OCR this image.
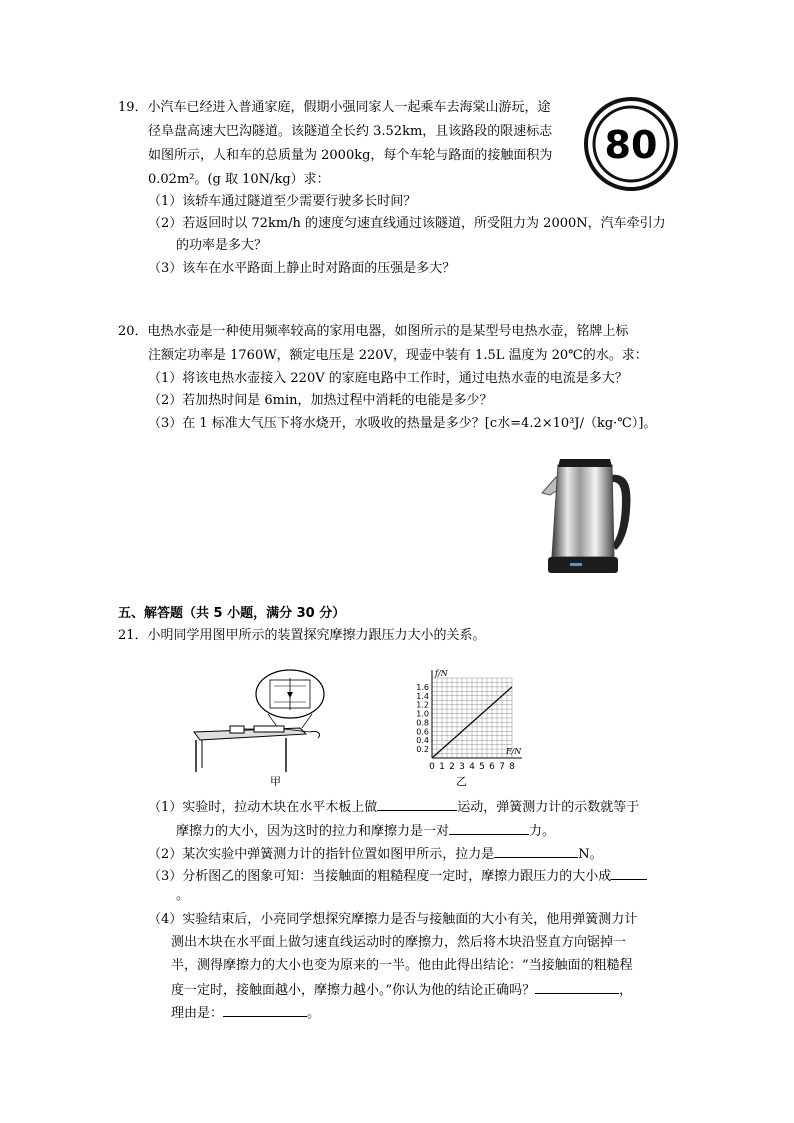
19．小汽车已经进入普通家庭，假期小强同家人一起乘车去海棠山游玩，途
径阜盘高速大巴沟隧道。该隧道全长约 3.52km，且该路段的限速标志
如图所示，人和车的总质量为 2000kg，每个车轮与路面的接触面积为
0.02m²。(g 取 10N/kg）求：
（1）该轿车通过隧道至少需要行驶多长时间？
（2）若返回时以 72km/h 的速度匀速直线通过该隧道，所受阻力为 2000N，汽车牵引力
的功率是多大？
（3）该车在水平路面上静止时对路面的压强是多大？
80
20．电热水壶是一种使用频率较高的家用电器，如图所示的是某型号电热水壶，铭牌上标
注额定功率是 1760W，额定电压是 220V，现壶中装有 1.5L 温度为 20℃的水。求：
（1）将该电热水壶接入 220V 的家庭电路中工作时，通过电热水壶的电流是多大？
（2）若加热时间是 6min，加热过程中消耗的电能是多少？
（3）在 1 标准大气压下将水烧开，水吸收的热量是多少？[c水=4.2×10³J/（kg·℃）]。
五、解答题（共 5 小题，满分 30 分）
21．小明同学用图甲所示的装置探究摩擦力跟压力大小的关系。
甲
0 1 2 3 4 5 6 7 8
0.2
0.4
0.6
0.8
1.0
1.2
1.4
1.6
f/N
F/N
乙
（1）实验时，拉动木块在水平木板上做	运动，弹簧测力计的示数就等于
摩擦力的大小，因为这时的拉力和摩擦力是一对	力。
（2）某次实验中弹簧测力计的指针位置如图甲所示，拉力是	N。
（3）分析图乙的图象可知：当接触面的粗糙程度一定时，摩擦力跟压力的大小成
。
（4）实验结束后，小亮同学想探究摩擦力是否与接触面的大小有关，他用弹簧测力计
测出木块在水平面上做匀速直线运动时的摩擦力，然后将木块沿竖直方向锯掉一
半，测得摩擦力的大小也变为原来的一半。他由此得出结论：“当接触面的粗糙程
度一定时，接触面越小，摩擦力越小。”你认为他的结论正确吗？	，
理由是：	。
